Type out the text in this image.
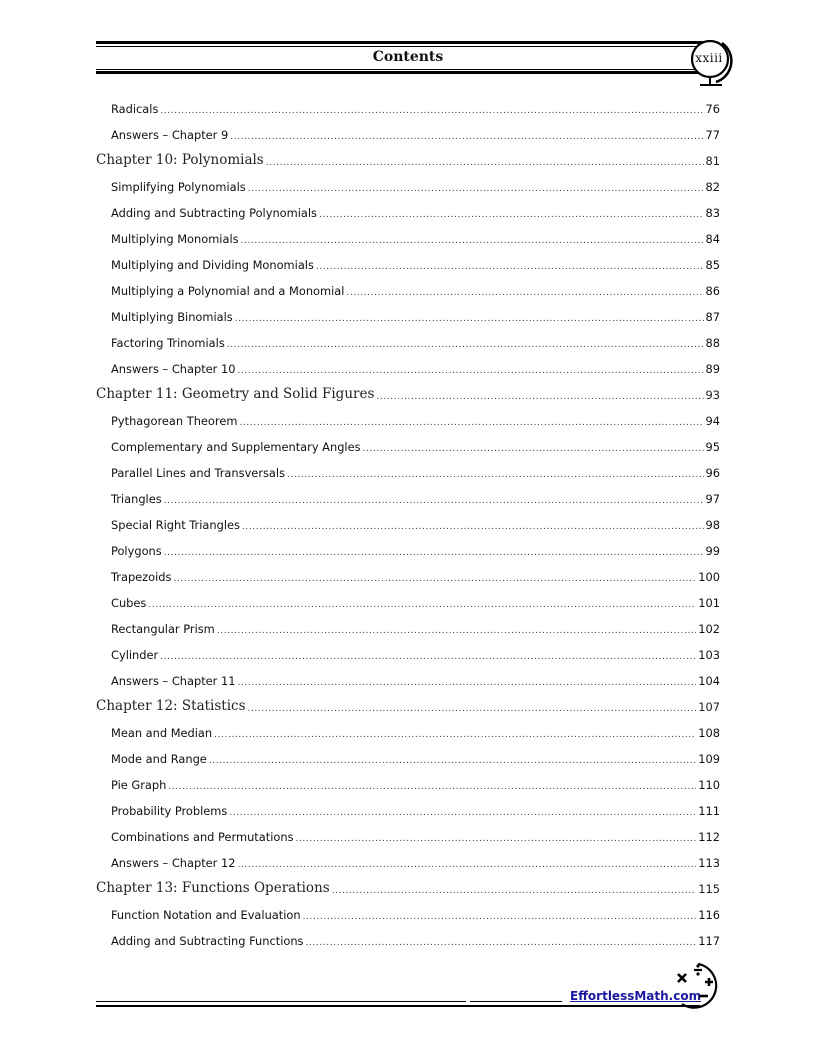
Contents	xxiii
Radicals .....	76
Answers – Chapter 9 .....	77
Chapter 10: Polynomials .....	81
Simplifying Polynomials .....	82
Adding and Subtracting Polynomials .....	83
Multiplying Monomials .....	84
Multiplying and Dividing Monomials .....	85
Multiplying a Polynomial and a Monomial .....	86
Multiplying Binomials .....	87
Factoring Trinomials .....	88
Answers – Chapter 10 .....	89
Chapter 11: Geometry and Solid Figures .....	93
Pythagorean Theorem .....	94
Complementary and Supplementary Angles .....	95
Parallel Lines and Transversals .....	96
Triangles .....	97
Special Right Triangles .....	98
Polygons .....	99
Trapezoids .....	100
Cubes .....	101
Rectangular Prism .....	102
Cylinder .....	103
Answers – Chapter 11 .....	104
Chapter 12: Statistics .....	107
Mean and Median .....	108
Mode and Range .....	109
Pie Graph .....	110
Probability Problems .....	111
Combinations and Permutations .....	112
Answers – Chapter 12 .....	113
Chapter 13: Functions Operations .....	115
Function Notation and Evaluation .....	116
Adding and Subtracting Functions .....	117
EffortlessMath.com
